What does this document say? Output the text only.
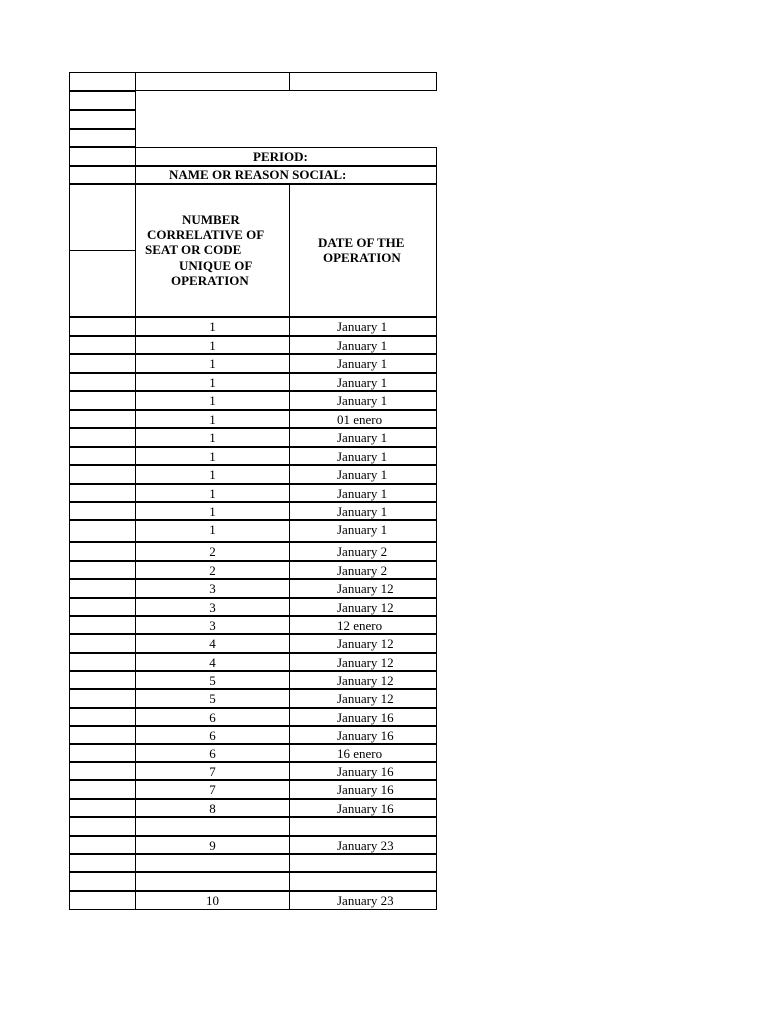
PERIOD:
NAME OR REASON SOCIAL:
NUMBER
CORRELATIVE OF
SEAT OR CODE
UNIQUE OF
OPERATION
DATE OF THE
OPERATION
1	January 1
1	January 1
1	January 1
1	January 1
1	January 1
1	01 enero
1	January 1
1	January 1
1	January 1
1	January 1
1	January 1
1	January 1
2	January 2
2	January 2
3	January 12
3	January 12
3	12 enero
4	January 12
4	January 12
5	January 12
5	January 12
6	January 16
6	January 16
6	16 enero
7	January 16
7	January 16
8	January 16
9	January 23
10	January 23
